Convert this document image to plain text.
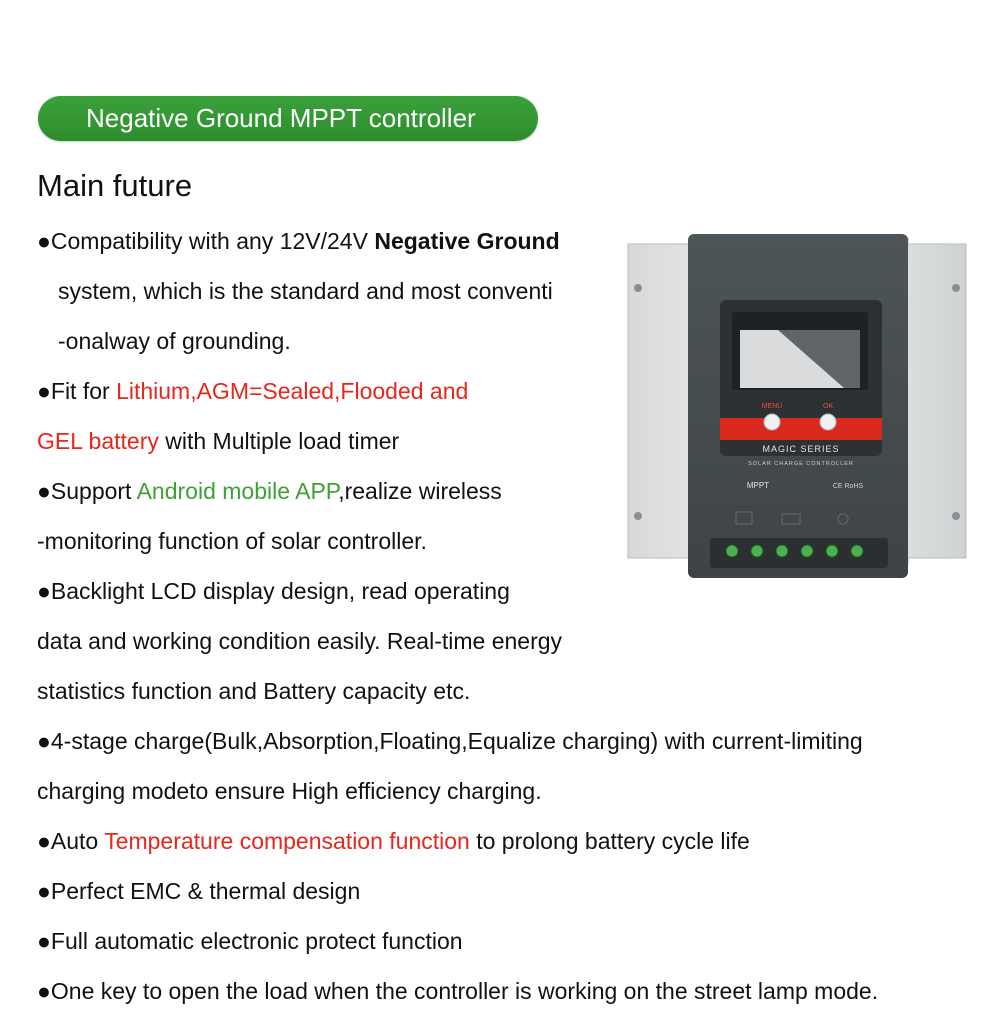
Negative Ground MPPT controller
Main future
●Compatibility with any 12V/24V Negative Ground
system, which is the standard and most conventi
-onalway of grounding.
●Fit for Lithium,AGM=Sealed,Flooded and
GEL battery with Multiple load timer
●Support Android mobile APP,realize wireless
-monitoring function of solar controller.
●Backlight LCD display design, read operating
data and working condition easily. Real-time energy
statistics function and Battery capacity etc.
●4-stage charge(Bulk,Absorption,Floating,Equalize charging) with current-limiting
charging modeto ensure High efficiency charging.
●Auto Temperature compensation function to prolong battery cycle life
●Perfect EMC & thermal design
●Full automatic electronic protect function
●One key to open the load when the controller is working on the street lamp mode.
MENU	OK
MAGIC SERIES
SOLAR CHARGE CONTROLLER
MPPT	CE RoHS
